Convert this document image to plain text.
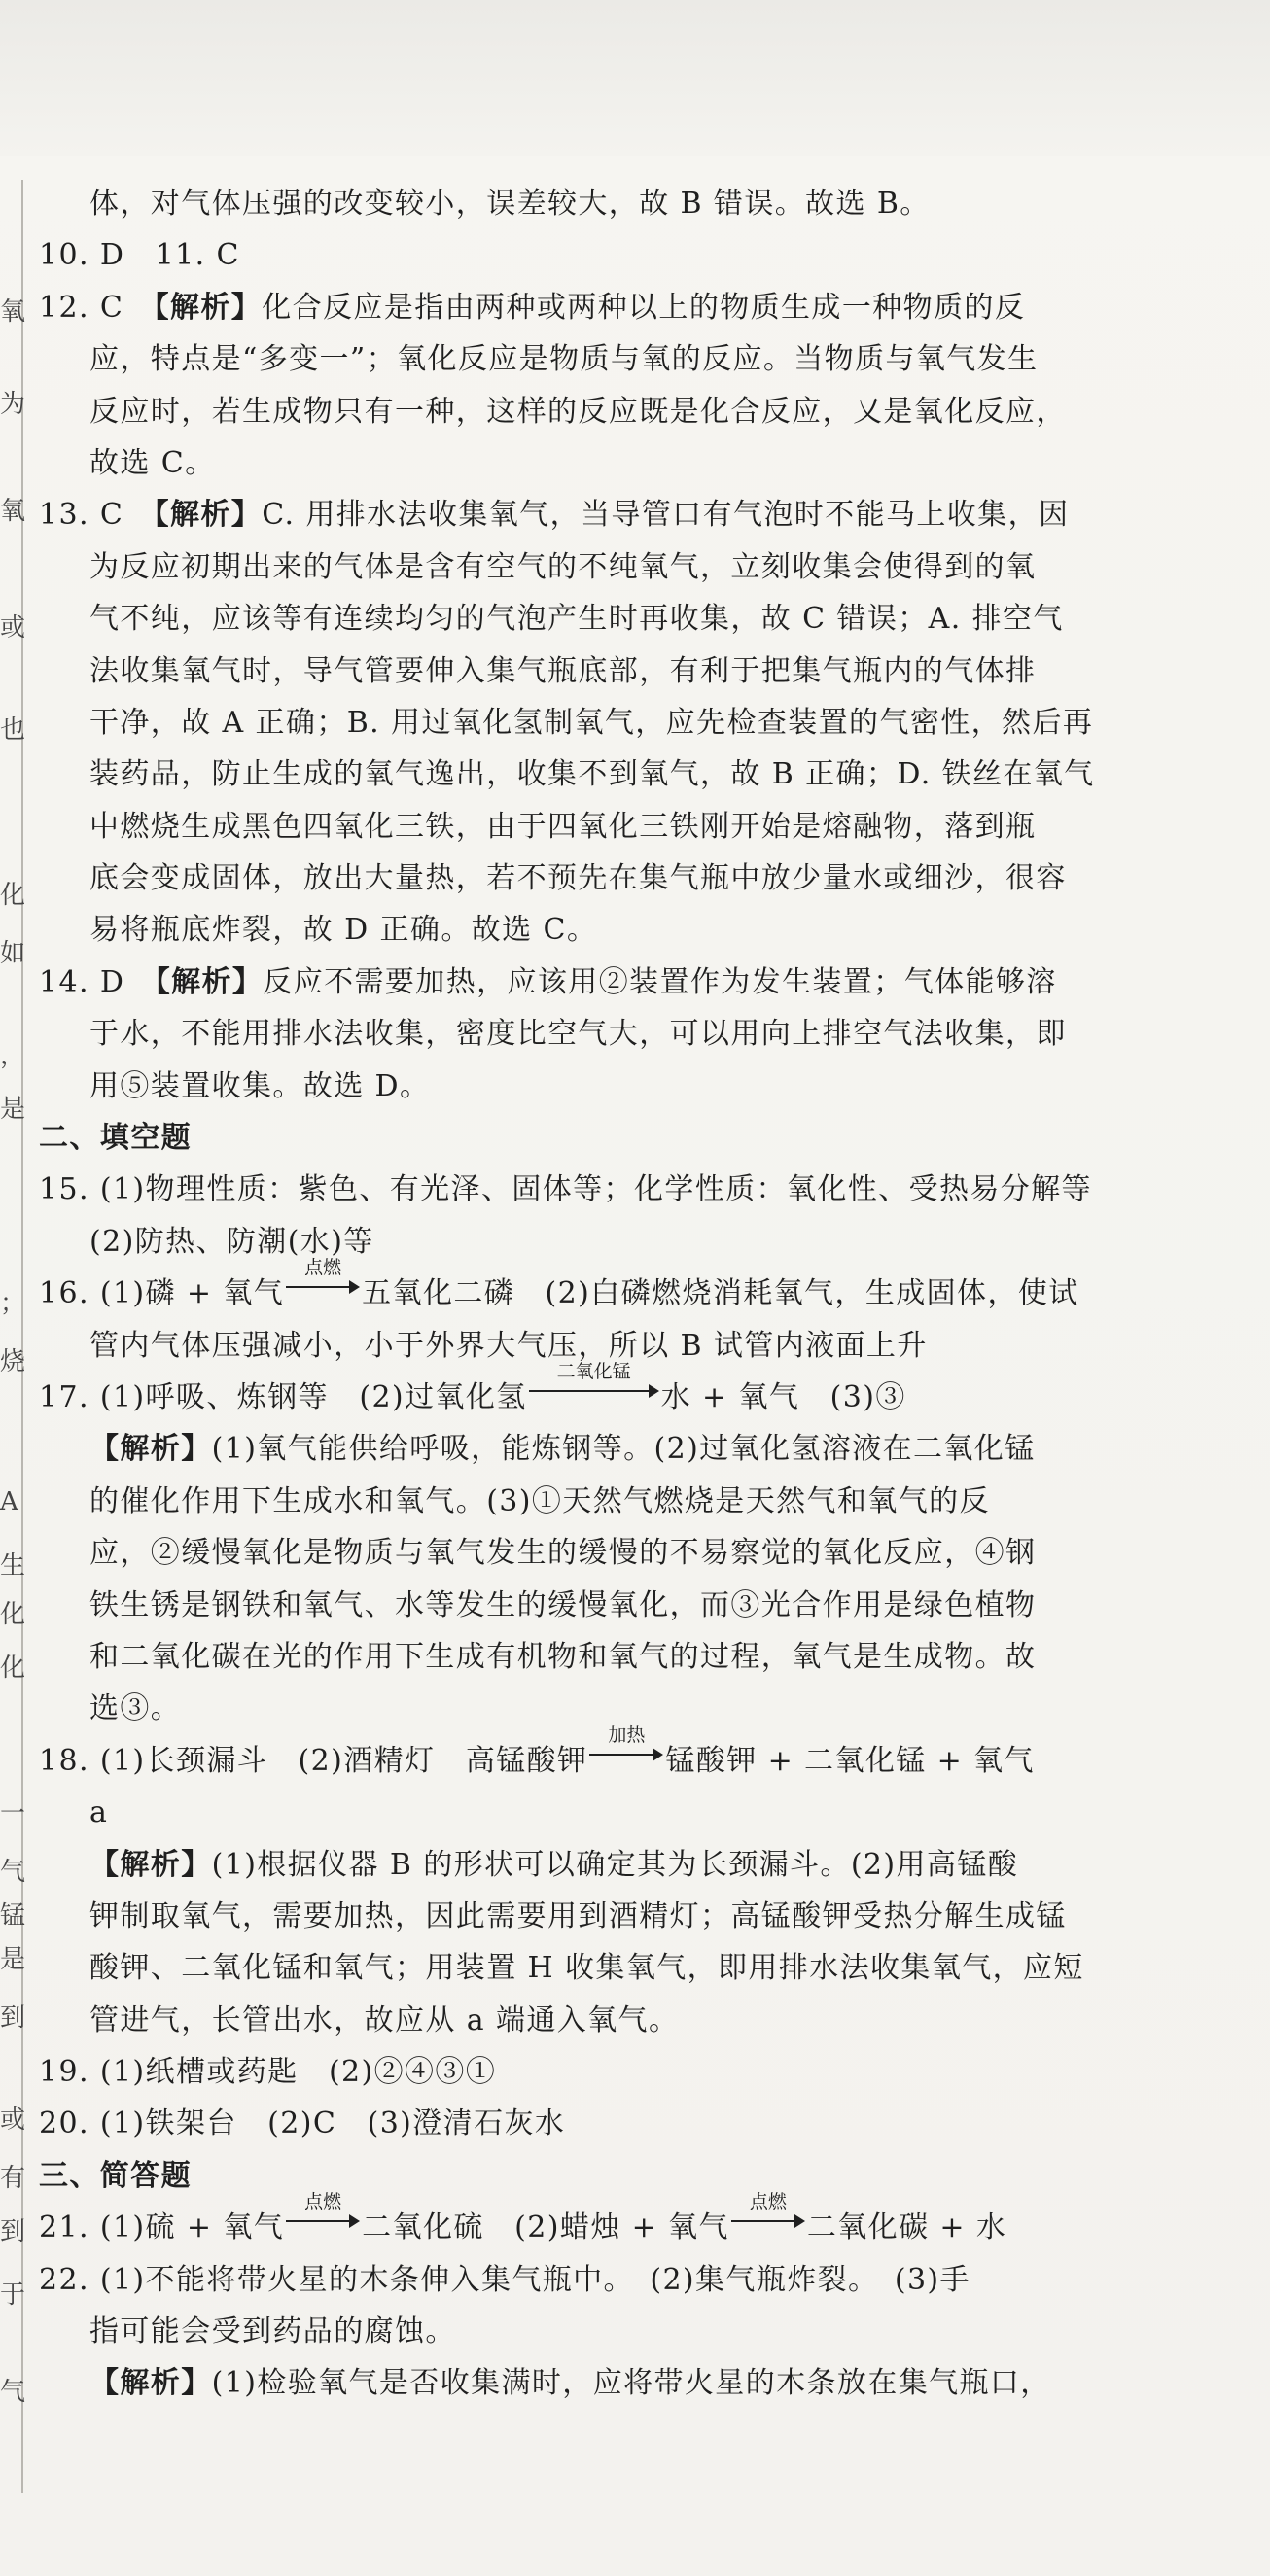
氧
为
氧
或
也
化
如
，
是
；
烧
A
生
化
化
一
气
锰
是
到
或
有
到
于
气
体，对气体压强的改变较小，误差较大，故 B 错误。故选 B。
10. D　11. C
12. C　【解析】化合反应是指由两种或两种以上的物质生成一种物质的反
应，特点是“多变一”；氧化反应是物质与氧的反应。当物质与氧气发生
反应时，若生成物只有一种，这样的反应既是化合反应，又是氧化反应，
故选 C。
13. C　【解析】C. 用排水法收集氧气，当导管口有气泡时不能马上收集，因
为反应初期出来的气体是含有空气的不纯氧气，立刻收集会使得到的氧
气不纯，应该等有连续均匀的气泡产生时再收集，故 C 错误；A. 排空气
法收集氧气时，导气管要伸入集气瓶底部，有利于把集气瓶内的气体排
干净，故 A 正确；B. 用过氧化氢制氧气，应先检查装置的气密性，然后再
装药品，防止生成的氧气逸出，收集不到氧气，故 B 正确；D. 铁丝在氧气
中燃烧生成黑色四氧化三铁，由于四氧化三铁刚开始是熔融物，落到瓶
底会变成固体，放出大量热，若不预先在集气瓶中放少量水或细沙，很容
易将瓶底炸裂，故 D 正确。故选 C。
14. D　【解析】反应不需要加热，应该用②装置作为发生装置；气体能够溶
于水，不能用排水法收集，密度比空气大，可以用向上排空气法收集，即
用⑤装置收集。故选 D。
二、填空题
15. (1)物理性质：紫色、有光泽、固体等；化学性质：氧化性、受热易分解等
(2)防热、防潮(水)等
16. (1)磷 + 氧气
点燃
五氧化二磷　(2)白磷燃烧消耗氧气，生成固体，使试
管内气体压强减小，小于外界大气压，所以 B 试管内液面上升
17. (1)呼吸、炼钢等　(2)过氧化氢
二氧化锰
水 + 氧气　(3)③
【解析】(1)氧气能供给呼吸，能炼钢等。(2)过氧化氢溶液在二氧化锰
的催化作用下生成水和氧气。(3)①天然气燃烧是天然气和氧气的反
应，②缓慢氧化是物质与氧气发生的缓慢的不易察觉的氧化反应，④钢
铁生锈是钢铁和氧气、水等发生的缓慢氧化，而③光合作用是绿色植物
和二氧化碳在光的作用下生成有机物和氧气的过程，氧气是生成物。故
选③。
18. (1)长颈漏斗　(2)酒精灯　高锰酸钾
加热
锰酸钾 + 二氧化锰 + 氧气
a
【解析】(1)根据仪器 B 的形状可以确定其为长颈漏斗。(2)用高锰酸
钾制取氧气，需要加热，因此需要用到酒精灯；高锰酸钾受热分解生成锰
酸钾、二氧化锰和氧气；用装置 H 收集氧气，即用排水法收集氧气，应短
管进气，长管出水，故应从 a 端通入氧气。
19. (1)纸槽或药匙　(2)②④③①
20. (1)铁架台　(2)C　(3)澄清石灰水
三、简答题
21. (1)硫 + 氧气
点燃
二氧化硫　(2)蜡烛 + 氧气
点燃
二氧化碳 + 水
22. (1)不能将带火星的木条伸入集气瓶中。　(2)集气瓶炸裂。　(3)手
指可能会受到药品的腐蚀。
【解析】(1)检验氧气是否收集满时，应将带火星的木条放在集气瓶口，
